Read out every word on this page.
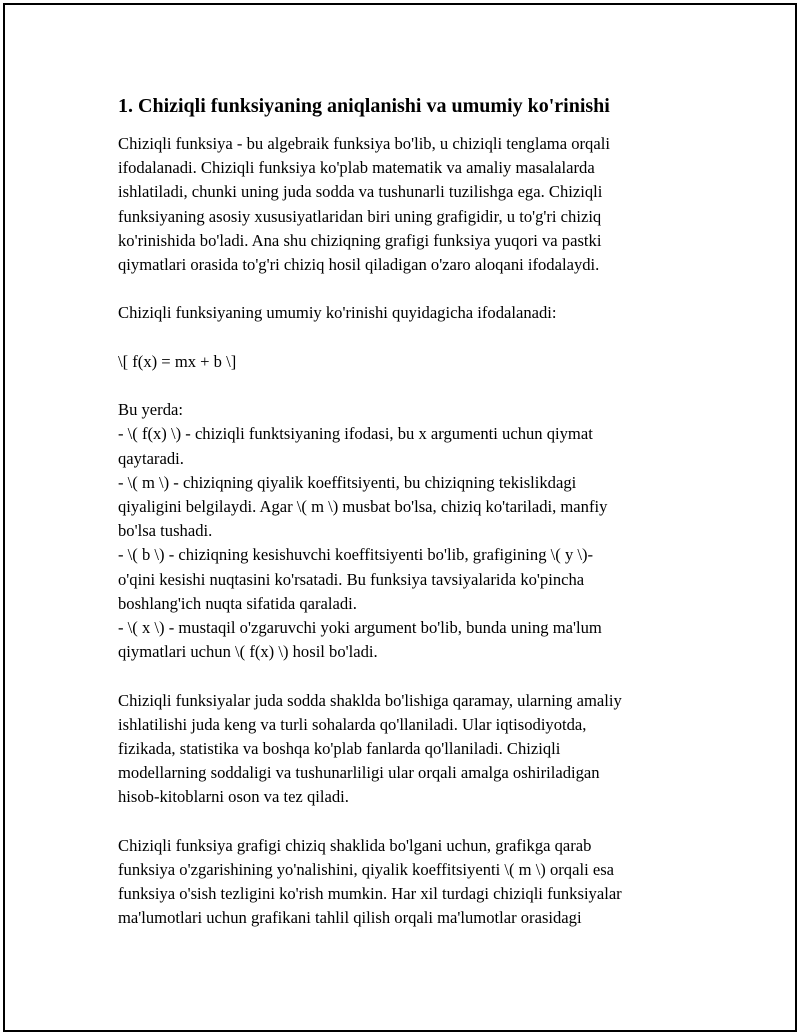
1. Chiziqli funksiyaning aniqlanishi va umumiy ko'rinishi
Chiziqli funksiya - bu algebraik funksiya bo'lib, u chiziqli tenglama orqali
ifodalanadi. Chiziqli funksiya ko'plab matematik va amaliy masalalarda
ishlatiladi, chunki uning juda sodda va tushunarli tuzilishga ega. Chiziqli
funksiyaning asosiy xususiyatlaridan biri uning grafigidir, u to'g'ri chiziq
ko'rinishida bo'ladi. Ana shu chiziqning grafigi funksiya yuqori va pastki
qiymatlari orasida to'g'ri chiziq hosil qiladigan o'zaro aloqani ifodalaydi.
Chiziqli funksiyaning umumiy ko'rinishi quyidagicha ifodalanadi:
\[ f(x) = mx + b \]
Bu yerda:
- \( f(x) \) - chiziqli funktsiyaning ifodasi, bu x argumenti uchun qiymat
qaytaradi.
- \( m \) - chiziqning qiyalik koeffitsiyenti, bu chiziqning tekislikdagi
qiyaligini belgilaydi. Agar \( m \) musbat bo'lsa, chiziq ko'tariladi, manfiy
bo'lsa tushadi.
- \( b \) - chiziqning kesishuvchi koeffitsiyenti bo'lib, grafigining \( y \)-
o'qini kesishi nuqtasini ko'rsatadi. Bu funksiya tavsiyalarida ko'pincha
boshlang'ich nuqta sifatida qaraladi.
- \( x \) - mustaqil o'zgaruvchi yoki argument bo'lib, bunda uning ma'lum
qiymatlari uchun \( f(x) \) hosil bo'ladi.
Chiziqli funksiyalar juda sodda shaklda bo'lishiga qaramay, ularning amaliy
ishlatilishi juda keng va turli sohalarda qo'llaniladi. Ular iqtisodiyotda,
fizikada, statistika va boshqa ko'plab fanlarda qo'llaniladi. Chiziqli
modellarning soddaligi va tushunarliligi ular orqali amalga oshiriladigan
hisob-kitoblarni oson va tez qiladi.
Chiziqli funksiya grafigi chiziq shaklida bo'lgani uchun, grafikga qarab
funksiya o'zgarishining yo'nalishini, qiyalik koeffitsiyenti \( m \) orqali esa
funksiya o'sish tezligini ko'rish mumkin. Har xil turdagi chiziqli funksiyalar
ma'lumotlari uchun grafikani tahlil qilish orqali ma'lumotlar orasidagi
